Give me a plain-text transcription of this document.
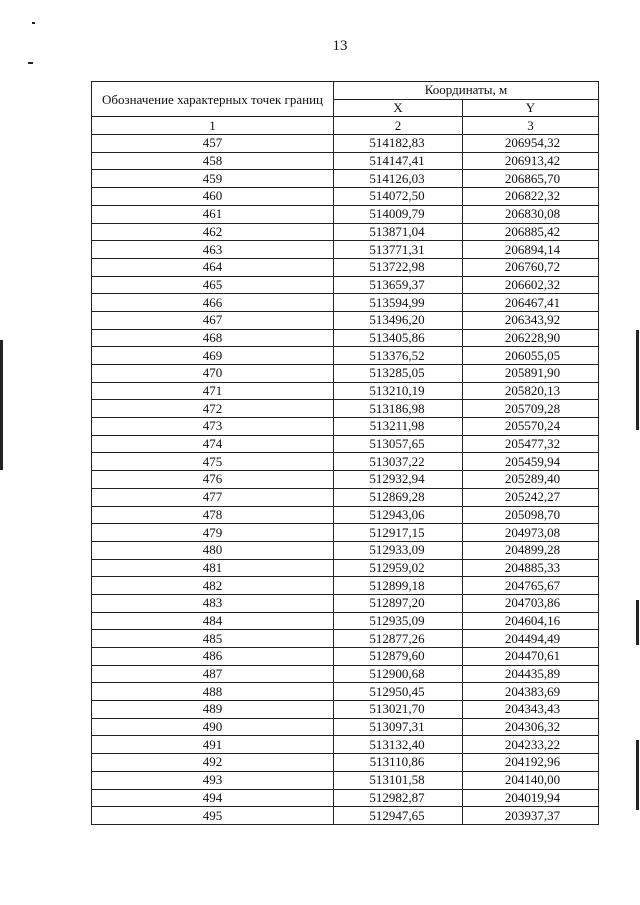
13
Обозначение характерных точек границ	Координаты, м	
	X	Y
1	2	3
457	514182,83	206954,32
458	514147,41	206913,42
459	514126,03	206865,70
460	514072,50	206822,32
461	514009,79	206830,08
462	513871,04	206885,42
463	513771,31	206894,14
464	513722,98	206760,72
465	513659,37	206602,32
466	513594,99	206467,41
467	513496,20	206343,92
468	513405,86	206228,90
469	513376,52	206055,05
470	513285,05	205891,90
471	513210,19	205820,13
472	513186,98	205709,28
473	513211,98	205570,24
474	513057,65	205477,32
475	513037,22	205459,94
476	512932,94	205289,40
477	512869,28	205242,27
478	512943,06	205098,70
479	512917,15	204973,08
480	512933,09	204899,28
481	512959,02	204885,33
482	512899,18	204765,67
483	512897,20	204703,86
484	512935,09	204604,16
485	512877,26	204494,49
486	512879,60	204470,61
487	512900,68	204435,89
488	512950,45	204383,69
489	513021,70	204343,43
490	513097,31	204306,32
491	513132,40	204233,22
492	513110,86	204192,96
493	513101,58	204140,00
494	512982,87	204019,94
495	512947,65	203937,37
